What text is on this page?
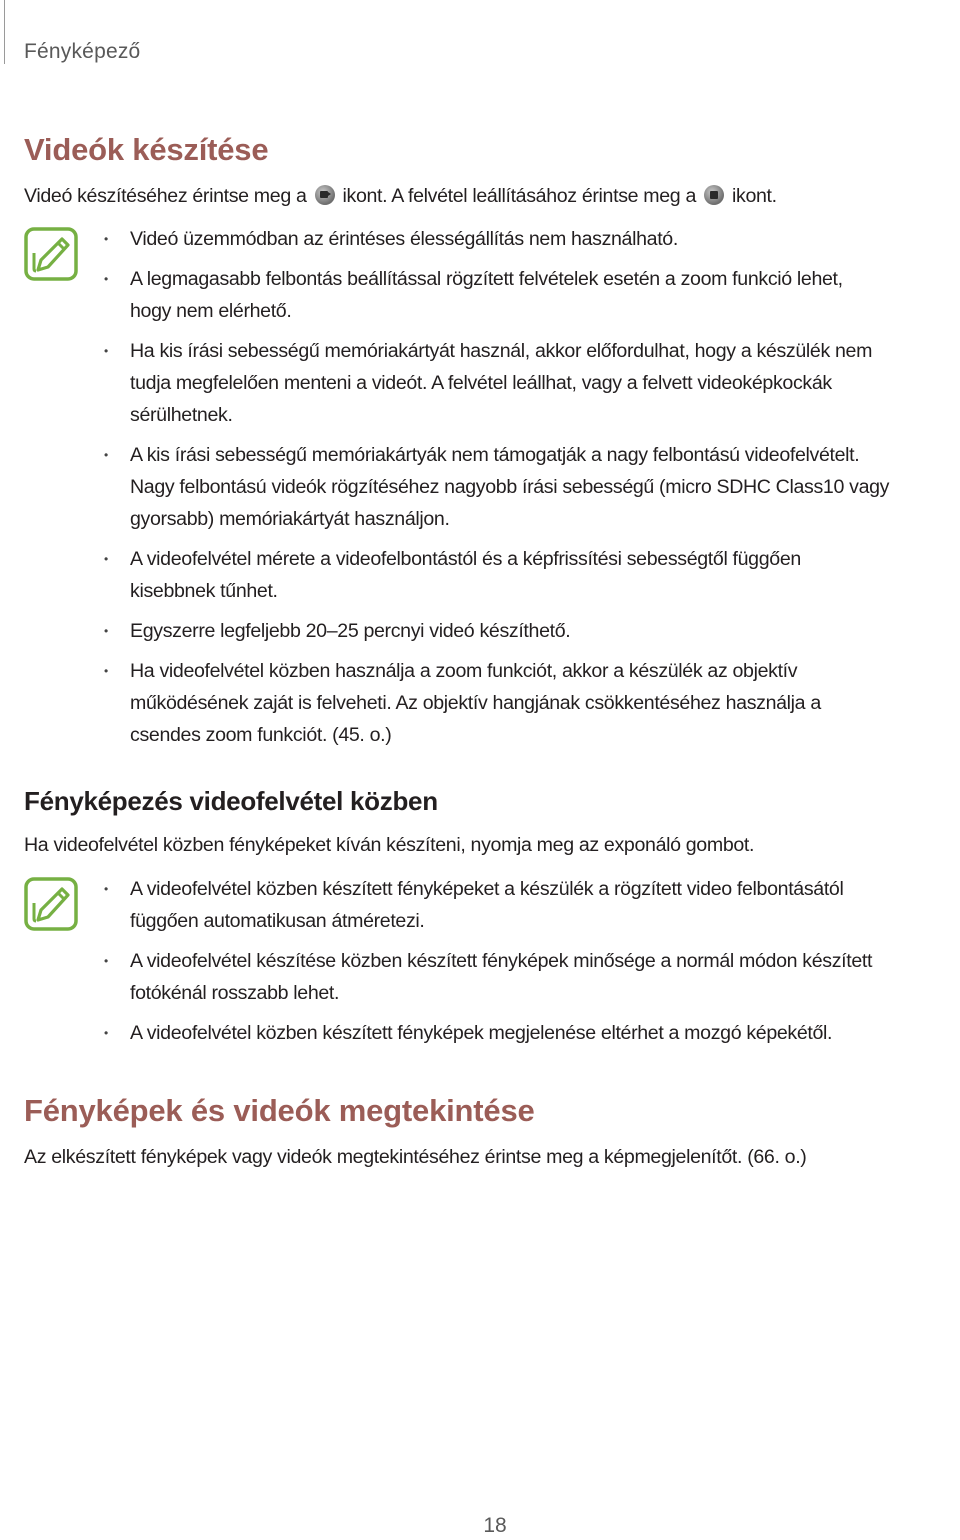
Fényképező
Videók készítése
Videó készítéséhez érintse meg a ikont. A felvétel leállításához érintse meg a ikont.
• Videó üzemmódban az érintéses élességállítás nem használható.
• A legmagasabb felbontás beállítással rögzített felvételek esetén a zoom funkció lehet,
hogy nem elérhető.
• Ha kis írási sebességű memóriakártyát használ, akkor előfordulhat, hogy a készülék nem
tudja megfelelően menteni a videót. A felvétel leállhat, vagy a felvett videoképkockák
sérülhetnek.
• A kis írási sebességű memóriakártyák nem támogatják a nagy felbontású videofelvételt.
Nagy felbontású videók rögzítéséhez nagyobb írási sebességű (micro SDHC Class10 vagy
gyorsabb) memóriakártyát használjon.
• A videofelvétel mérete a videofelbontástól és a képfrissítési sebességtől függően
kisebbnek tűnhet.
• Egyszerre legfeljebb 20–25 percnyi videó készíthető.
• Ha videofelvétel közben használja a zoom funkciót, akkor a készülék az objektív
működésének zaját is felveheti. Az objektív hangjának csökkentéséhez használja a
csendes zoom funkciót. (45. o.)
Fényképezés videofelvétel közben
Ha videofelvétel közben fényképeket kíván készíteni, nyomja meg az exponáló gombot.
• A videofelvétel közben készített fényképeket a készülék a rögzített video felbontásától
függően automatikusan átméretezi.
• A videofelvétel készítése közben készített fényképek minősége a normál módon készített
fotókénál rosszabb lehet.
• A videofelvétel közben készített fényképek megjelenése eltérhet a mozgó képekétől.
Fényképek és videók megtekintése
Az elkészített fényképek vagy videók megtekintéséhez érintse meg a képmegjelenítőt. (66. o.)
18
